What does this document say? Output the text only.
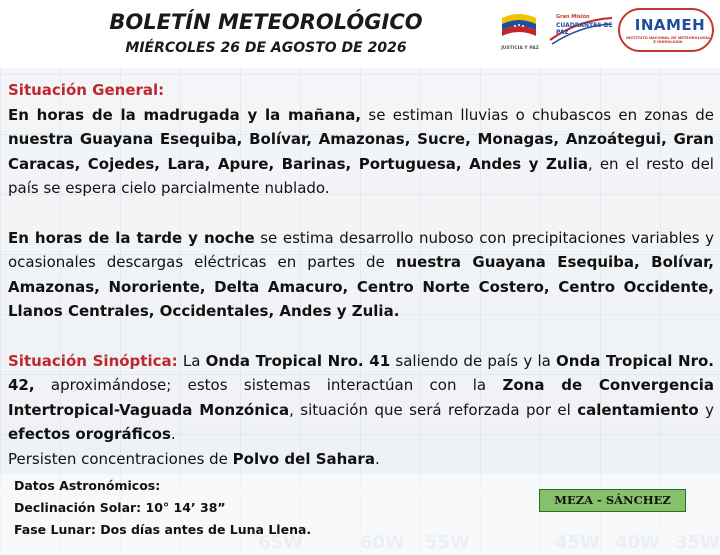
BOLETÍN METEOROLÓGICO
MIÉRCOLES 26 DE AGOSTO DE 2026	JUSTICIA Y PAZ
Gran Misión
CUADRANTES DE PAZ	INAMEH
INSTITUTO NACIONAL DE METEOROLOGÍA E HIDROLOGÍA

Situación General:

En horas de la madrugada y la mañana, se estiman lluvias o chubascos en zonas de nuestra Guayana Esequiba, Bolívar, Amazonas, Sucre, Monagas, Anzoátegui, Gran Caracas, Cojedes, Lara, Apure, Barinas, Portuguesa, Andes y Zulia, en el resto del país se espera cielo parcialmente nublado.

En horas de la tarde y noche se estima desarrollo nuboso con precipitaciones variables y ocasionales descargas eléctricas en partes de nuestra Guayana Esequiba, Bolívar, Amazonas, Nororiente, Delta Amacuro, Centro Norte Costero, Centro Occidente, Llanos Centrales, Occidentales, Andes y Zulia.

Situación Sinóptica: La Onda Tropical Nro. 41 saliendo de país y la Onda Tropical Nro. 42, aproximándose; estos sistemas interactúan con la Zona de Convergencia Intertropical-Vaguada Monzónica, situación que será reforzada por el calentamiento y efectos orográficos.

Persisten concentraciones de Polvo del Sahara.

Datos Astronómicos:
Declinación Solar: 10° 14’ 38”
Fase Lunar: Dos días antes de Luna Llena.
MEZA - SÁNCHEZ
